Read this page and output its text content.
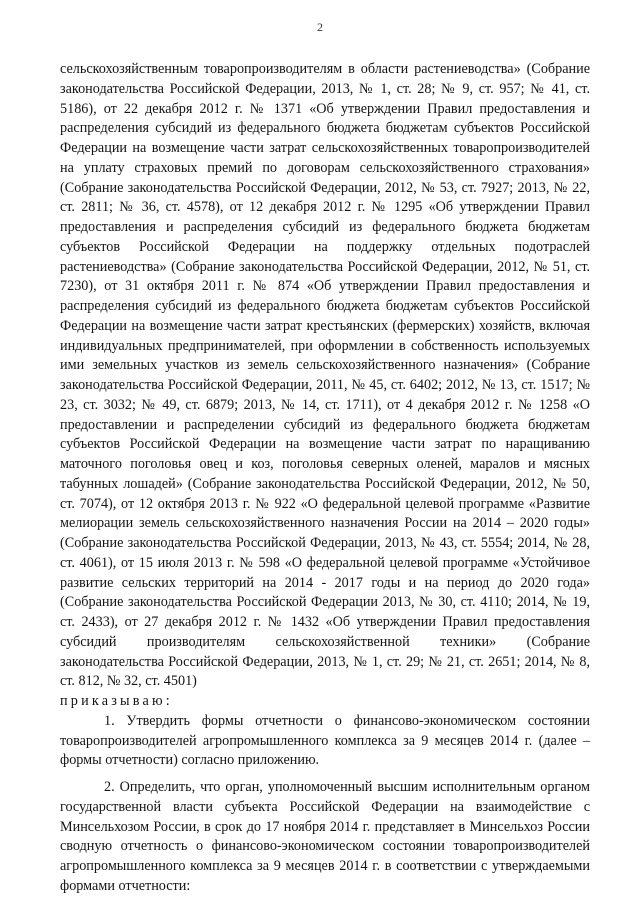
2

сельскохозяйственным товаропроизводителям в области растениеводства» (Собрание законодательства Российской Федерации, 2013, № 1, ст. 28; № 9, ст. 957; № 41, ст. 5186), от 22 декабря 2012 г. № 1371 «Об утверждении Правил предоставления и распределения субсидий из федерального бюджета бюджетам субъектов Российской Федерации на возмещение части затрат сельскохозяйственных товаропроизводителей на уплату страховых премий по договорам сельскохозяйственного страхования» (Собрание законодательства Российской Федерации, 2012, № 53, ст. 7927; 2013, № 22, ст. 2811; № 36, ст. 4578), от 12 декабря 2012 г. № 1295 «Об утверждении Правил предоставления и распределения субсидий из федерального бюджета бюджетам субъектов Российской Федерации на поддержку отдельных подотраслей растениеводства» (Собрание законодательства Российской Федерации, 2012, № 51, ст. 7230), от 31 октября 2011 г. № 874 «Об утверждении Правил предоставления и распределения субсидий из федерального бюджета бюджетам субъектов Российской Федерации на возмещение части затрат крестьянских (фермерских) хозяйств, включая индивидуальных предпринимателей, при оформлении в собственность используемых ими земельных участков из земель сельскохозяйственного назначения» (Собрание законодательства Российской Федерации, 2011, № 45, ст. 6402; 2012, № 13, ст. 1517; № 23, ст. 3032; № 49, ст. 6879; 2013, № 14, ст. 1711), от 4 декабря 2012 г. № 1258 «О предоставлении и распределении субсидий из федерального бюджета бюджетам субъектов Российской Федерации на возмещение части затрат по наращиванию маточного поголовья овец и коз, поголовья северных оленей, маралов и мясных табунных лошадей» (Собрание законодательства Российской Федерации, 2012, № 50, ст. 7074), от 12 октября 2013 г. № 922 «О федеральной целевой программе «Развитие мелиорации земель сельскохозяйственного назначения России на 2014 – 2020 годы» (Собрание законодательства Российской Федерации, 2013, № 43, ст. 5554; 2014, № 28, ст. 4061), от 15 июля 2013 г. № 598 «О федеральной целевой программе «Устойчивое развитие сельских территорий на 2014 - 2017 годы и на период до 2020 года» (Собрание законодательства Российской Федерации 2013, № 30, ст. 4110; 2014, № 19, ст. 2433), от 27 декабря 2012 г. № 1432 «Об утверждении Правил предоставления субсидий производителям сельскохозяйственной техники» (Собрание законодательства Российской Федерации, 2013, № 1, ст. 29; № 21, ст. 2651; 2014, № 8, ст. 812, № 32, ст. 4501)

приказываю:

1. Утвердить формы отчетности о финансово-экономическом состоянии товаропроизводителей агропромышленного комплекса за 9 месяцев 2014 г. (далее – формы отчетности) согласно приложению.

2. Определить, что орган, уполномоченный высшим исполнительным органом государственной власти субъекта Российской Федерации на взаимодействие с Минсельхозом России, в срок до 17 ноября 2014 г. представляет в Минсельхоз России сводную отчетность о финансово-экономическом состоянии товаропроизводителей агропромышленного комплекса за 9 месяцев 2014 г. в соответствии с утверждаемыми формами отчетности:
